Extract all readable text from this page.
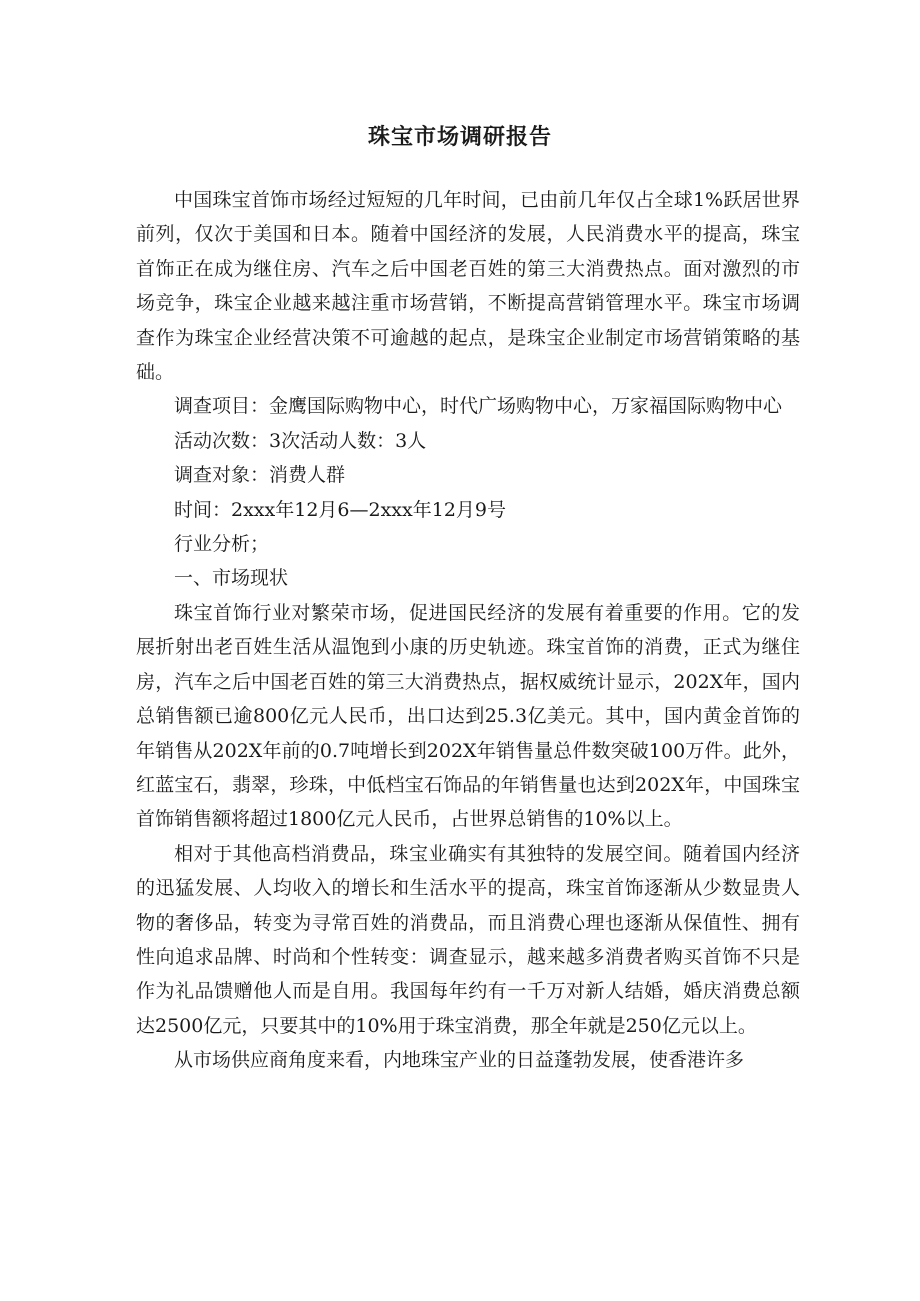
珠宝市场调研报告

中国珠宝首饰市场经过短短的几年时间，已由前几年仅占全球1%跃居世界前列，仅次于美国和日本。随着中国经济的发展，人民消费水平的提高，珠宝首饰正在成为继住房、汽车之后中国老百姓的第三大消费热点。面对激烈的市场竞争，珠宝企业越来越注重市场营销，不断提高营销管理水平。珠宝市场调查作为珠宝企业经营决策不可逾越的起点，是珠宝企业制定市场营销策略的基础。

调查项目：金鹰国际购物中心，时代广场购物中心，万家福国际购物中心

活动次数：3次活动人数：3人

调查对象：消费人群

时间：2xxx年12月6—2xxx年12月9号

行业分析；

一、市场现状

珠宝首饰行业对繁荣市场，促进国民经济的发展有着重要的作用。它的发展折射出老百姓生活从温饱到小康的历史轨迹。珠宝首饰的消费，正式为继住房，汽车之后中国老百姓的第三大消费热点，据权威统计显示，202X年，国内总销售额已逾800亿元人民币，出口达到25.3亿美元。其中，国内黄金首饰的年销售从202X年前的0.7吨增长到202X年销售量总件数突破100万件。此外，红蓝宝石，翡翠，珍珠，中低档宝石饰品的年销售量也达到202X年，中国珠宝首饰销售额将超过1800亿元人民币，占世界总销售的10%以上。

相对于其他高档消费品，珠宝业确实有其独特的发展空间。随着国内经济的迅猛发展、人均收入的增长和生活水平的提高，珠宝首饰逐渐从少数显贵人物的奢侈品，转变为寻常百姓的消费品，而且消费心理也逐渐从保值性、拥有性向追求品牌、时尚和个性转变：调查显示，越来越多消费者购买首饰不只是作为礼品馈赠他人而是自用。我国每年约有一千万对新人结婚，婚庆消费总额达2500亿元，只要其中的10%用于珠宝消费，那全年就是250亿元以上。

从市场供应商角度来看，内地珠宝产业的日益蓬勃发展，使香港许多
